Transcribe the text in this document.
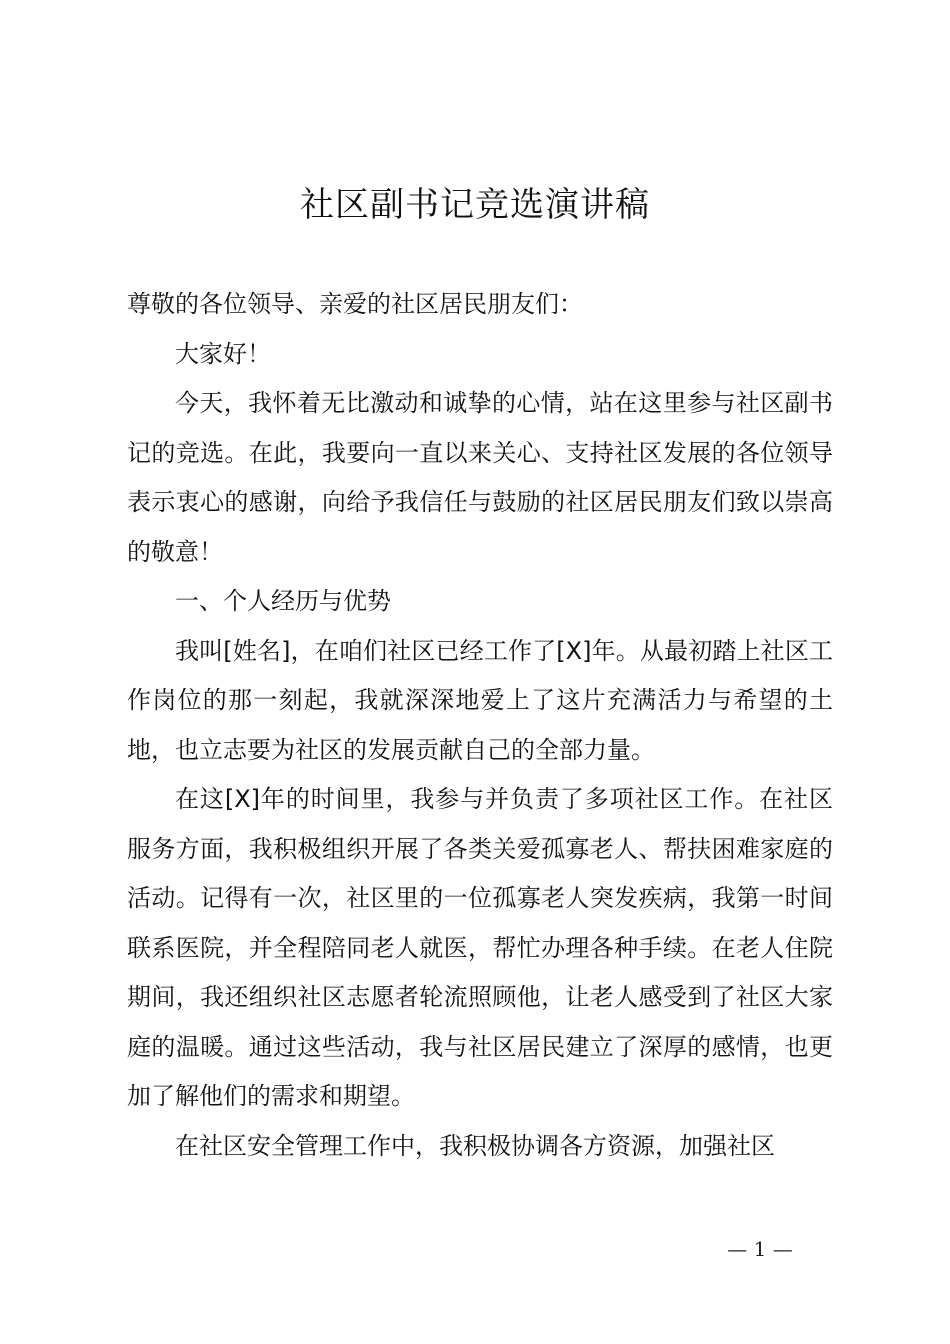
社区副书记竞选演讲稿

尊敬的各位领导、亲爱的社区居民朋友们：

大家好！

今天，我怀着无比激动和诚挚的心情，站在这里参与社区副书记的竞选。在此，我要向一直以来关心、支持社区发展的各位领导表示衷心的感谢，向给予我信任与鼓励的社区居民朋友们致以崇高的敬意！

一、个人经历与优势

我叫[姓名]，在咱们社区已经工作了[X]年。从最初踏上社区工作岗位的那一刻起，我就深深地爱上了这片充满活力与希望的土地，也立志要为社区的发展贡献自己的全部力量。

在这[X]年的时间里，我参与并负责了多项社区工作。在社区服务方面，我积极组织开展了各类关爱孤寡老人、帮扶困难家庭的活动。记得有一次，社区里的一位孤寡老人突发疾病，我第一时间联系医院，并全程陪同老人就医，帮忙办理各种手续。在老人住院期间，我还组织社区志愿者轮流照顾他，让老人感受到了社区大家庭的温暖。通过这些活动，我与社区居民建立了深厚的感情，也更加了解他们的需求和期望。

在社区安全管理工作中，我积极协调各方资源，加强社区

— 1 —
